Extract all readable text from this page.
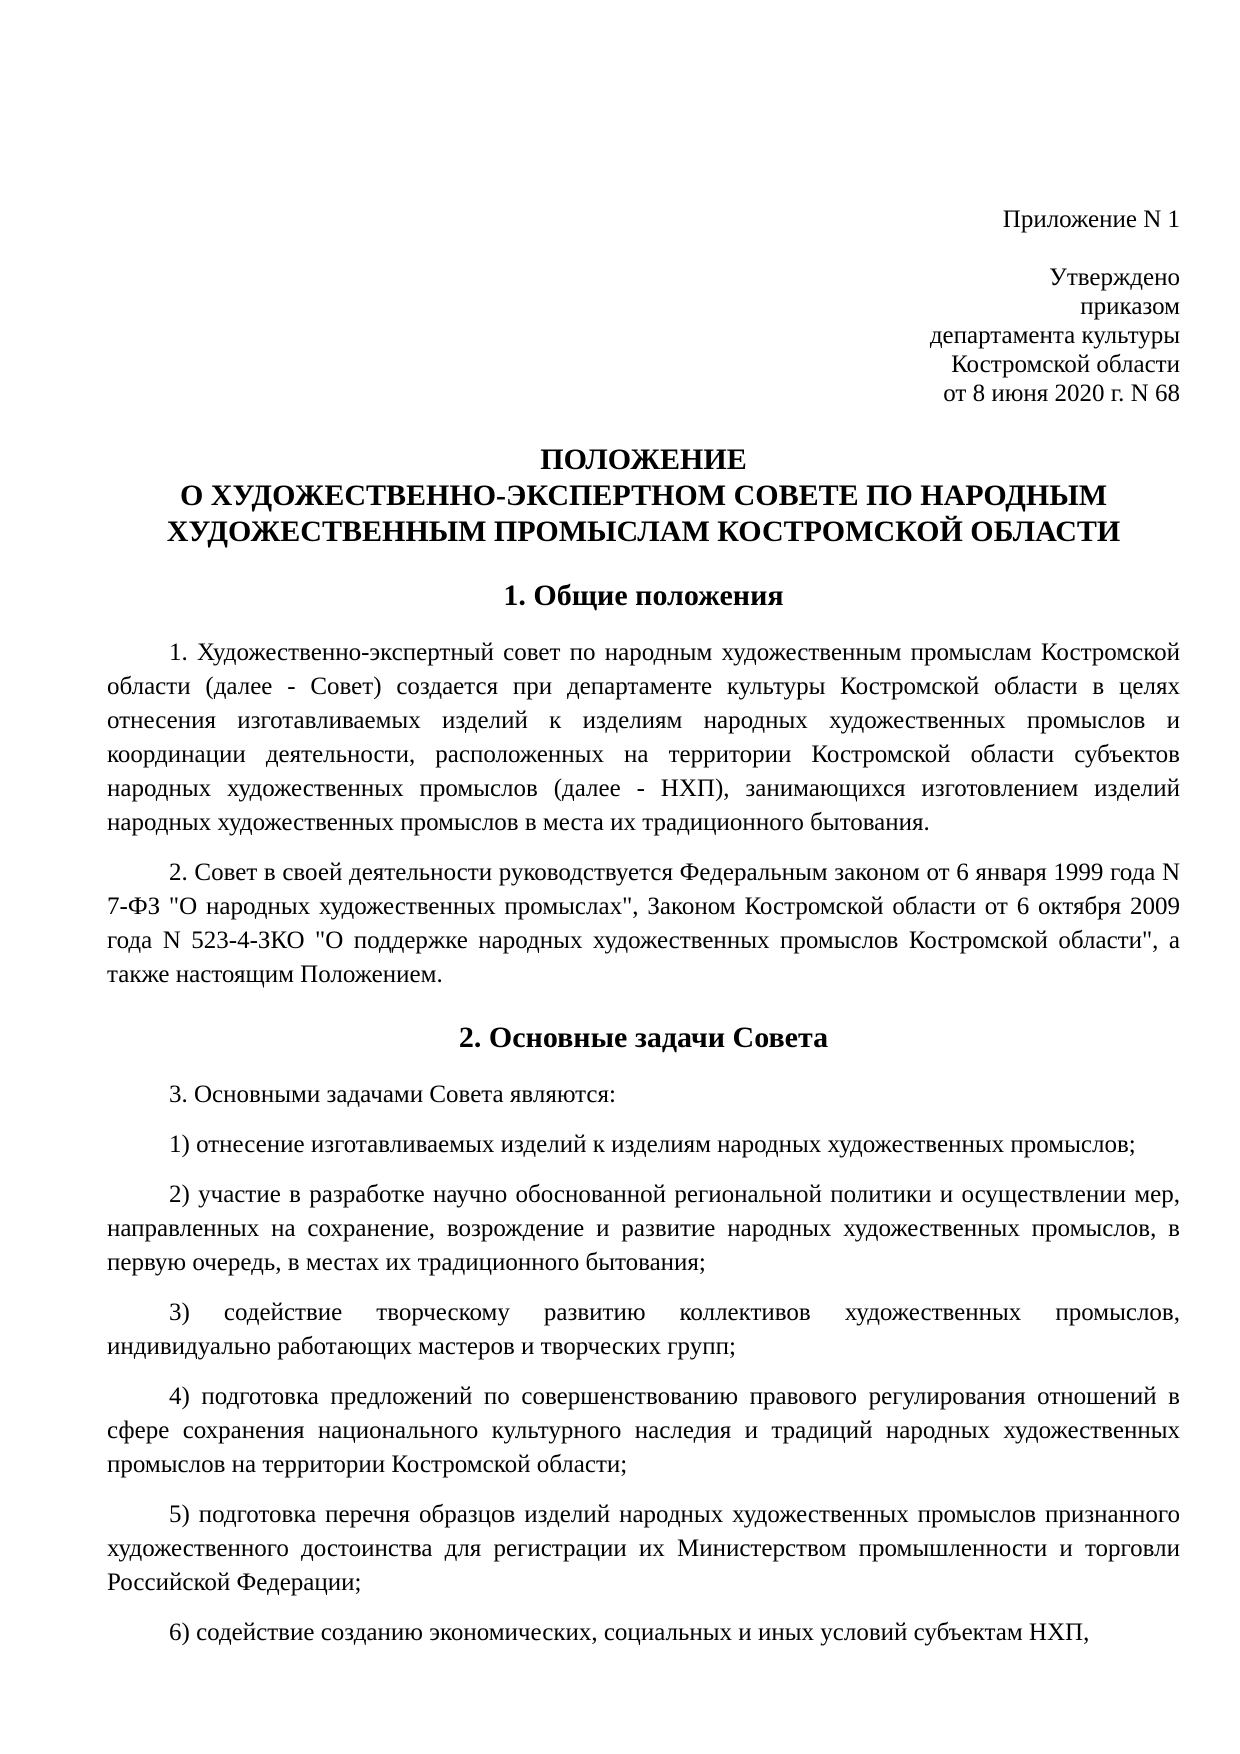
Приложение N 1
Утверждено
приказом
департамента культуры
Костромской области
от 8 июня 2020 г. N 68
ПОЛОЖЕНИЕ
О ХУДОЖЕСТВЕННО-ЭКСПЕРТНОМ СОВЕТЕ ПО НАРОДНЫМ ХУДОЖЕСТВЕННЫМ ПРОМЫСЛАМ КОСТРОМСКОЙ ОБЛАСТИ
1. Общие положения

1. Художественно-экспертный совет по народным художественным промыслам Костромской области (далее - Совет) создается при департаменте культуры Костромской области в целях отнесения изготавливаемых изделий к изделиям народных художественных промыслов и координации деятельности, расположенных на территории Костромской области субъектов народных художественных промыслов (далее - НХП), занимающихся изготовлением изделий народных художественных промыслов в места их традиционного бытования.

2. Совет в своей деятельности руководствуется Федеральным законом от 6 января 1999 года N 7-ФЗ "О народных художественных промыслах", Законом Костромской области от 6 октября 2009 года N 523-4-ЗКО "О поддержке народных художественных промыслов Костромской области", а также настоящим Положением.

2. Основные задачи Совета

3. Основными задачами Совета являются:

1) отнесение изготавливаемых изделий к изделиям народных художественных промыслов;

2) участие в разработке научно обоснованной региональной политики и осуществлении мер, направленных на сохранение, возрождение и развитие народных художественных промыслов, в первую очередь, в местах их традиционного бытования;

3) содействие творческому развитию коллективов художественных промыслов, индивидуально работающих мастеров и творческих групп;

4) подготовка предложений по совершенствованию правового регулирования отношений в сфере сохранения национального культурного наследия и традиций народных художественных промыслов на территории Костромской области;

5) подготовка перечня образцов изделий народных художественных промыслов признанного художественного достоинства для регистрации их Министерством промышленности и торговли Российской Федерации;

6) содействие созданию экономических, социальных и иных условий субъектам НХП,
